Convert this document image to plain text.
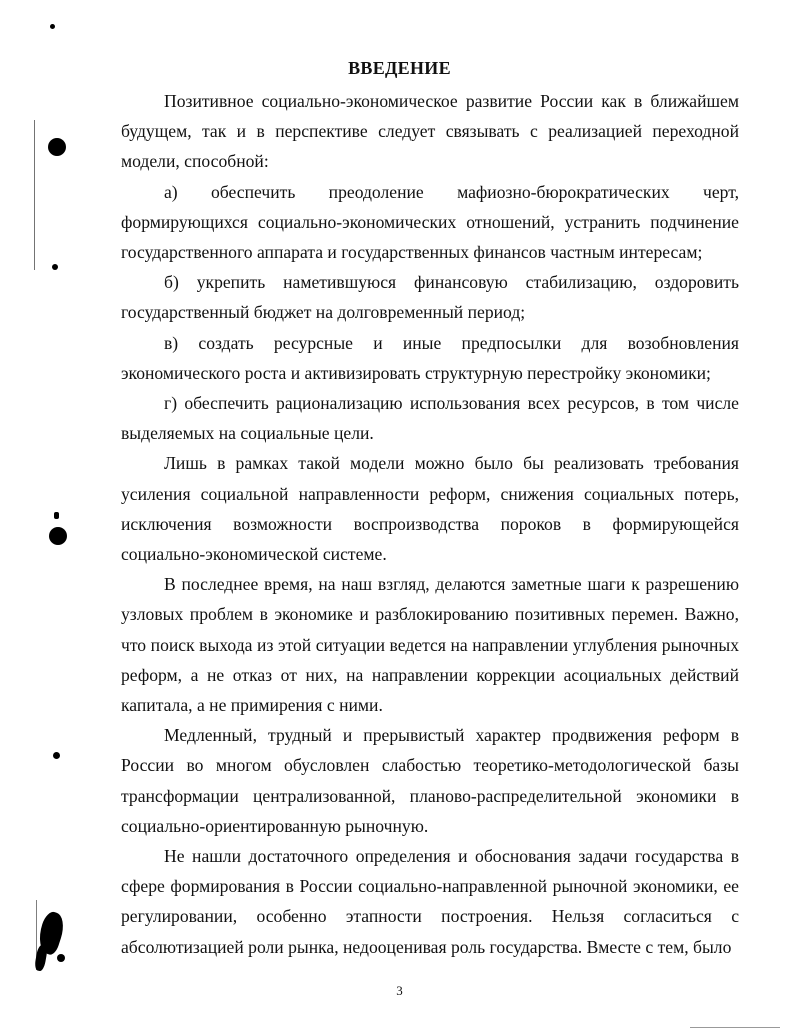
ВВЕДЕНИЕ

Позитивное социально-экономическое развитие России как в ближайшем будущем, так и в перспективе следует связывать с реализацией переходной модели, способной:

а) обеспечить преодоление мафиозно-бюрократических черт, формирующихся социально-экономических отношений, устранить подчинение государственного аппарата и государственных финансов частным интересам;

б) укрепить наметившуюся финансовую стабилизацию, оздоровить государственный бюджет на долговременный период;

в) создать ресурсные и иные предпосылки для возобновления экономического роста и активизировать структурную перестройку экономики;

г) обеспечить рационализацию использования всех ресурсов, в том числе выделяемых на социальные цели.

Лишь в рамках такой модели можно было бы реализовать требования усиления социальной направленности реформ, снижения социальных потерь, исключения возможности воспроизводства пороков в формирующейся социально-экономической системе.

В последнее время, на наш взгляд, делаются заметные шаги к разрешению узловых проблем в экономике и разблокированию позитивных перемен. Важно, что поиск выхода из этой ситуации ведется на направлении углубления рыночных реформ, а не отказ от них, на направлении коррекции асоциальных действий капитала, а не примирения с ними.

Медленный, трудный и прерывистый характер продвижения реформ в России во многом обусловлен слабостью теоретико-методологической базы трансформации централизованной, планово-распределительной экономики в социально-ориентированную рыночную.

Не нашли достаточного определения и обоснования задачи государства в сфере формирования в России социально-направленной рыночной экономики, ее регулировании, особенно этапности построения. Нельзя согласиться с абсолютизацией роли рынка, недооценивая роль государства. Вместе с тем, было

3
